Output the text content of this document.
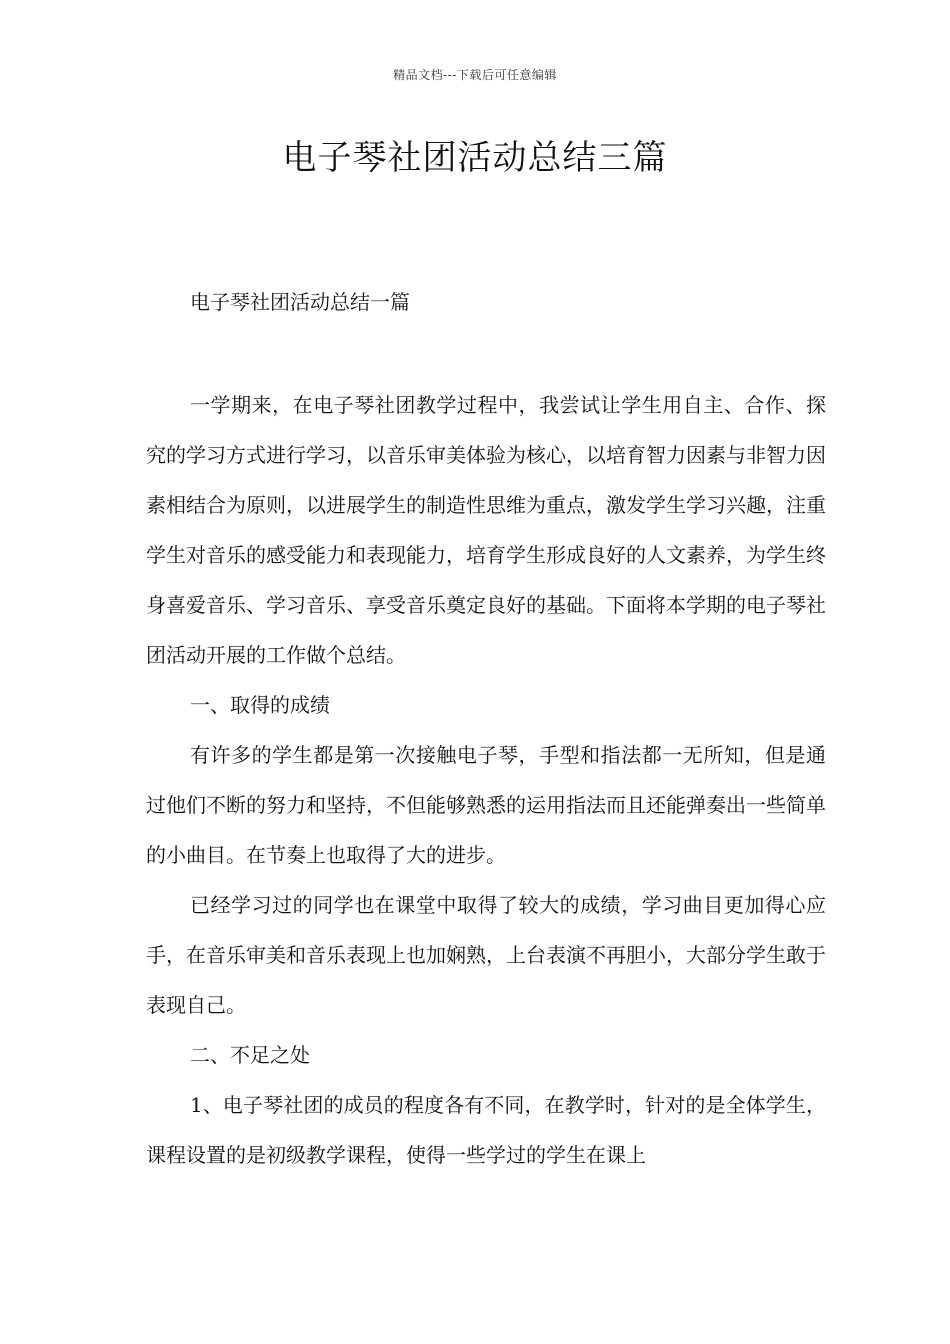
精品文档---下载后可任意编辑
电子琴社团活动总结三篇
电子琴社团活动总结一篇

一学期来，在电子琴社团教学过程中，我尝试让学生用自主、合作、探究的学习方式进行学习，以音乐审美体验为核心，以培育智力因素与非智力因素相结合为原则，以进展学生的制造性思维为重点，激发学生学习兴趣，注重学生对音乐的感受能力和表现能力，培育学生形成良好的人文素养，为学生终身喜爱音乐、学习音乐、享受音乐奠定良好的基础。下面将本学期的电子琴社团活动开展的工作做个总结。

一、取得的成绩

有许多的学生都是第一次接触电子琴，手型和指法都一无所知，但是通过他们不断的努力和坚持，不但能够熟悉的运用指法而且还能弹奏出一些简单的小曲目。在节奏上也取得了大的进步。

已经学习过的同学也在课堂中取得了较大的成绩，学习曲目更加得心应手，在音乐审美和音乐表现上也加娴熟，上台表演不再胆小，大部分学生敢于表现自己。

二、不足之处

1、电子琴社团的成员的程度各有不同，在教学时，针对的是全体学生，课程设置的是初级教学课程，使得一些学过的学生在课上
